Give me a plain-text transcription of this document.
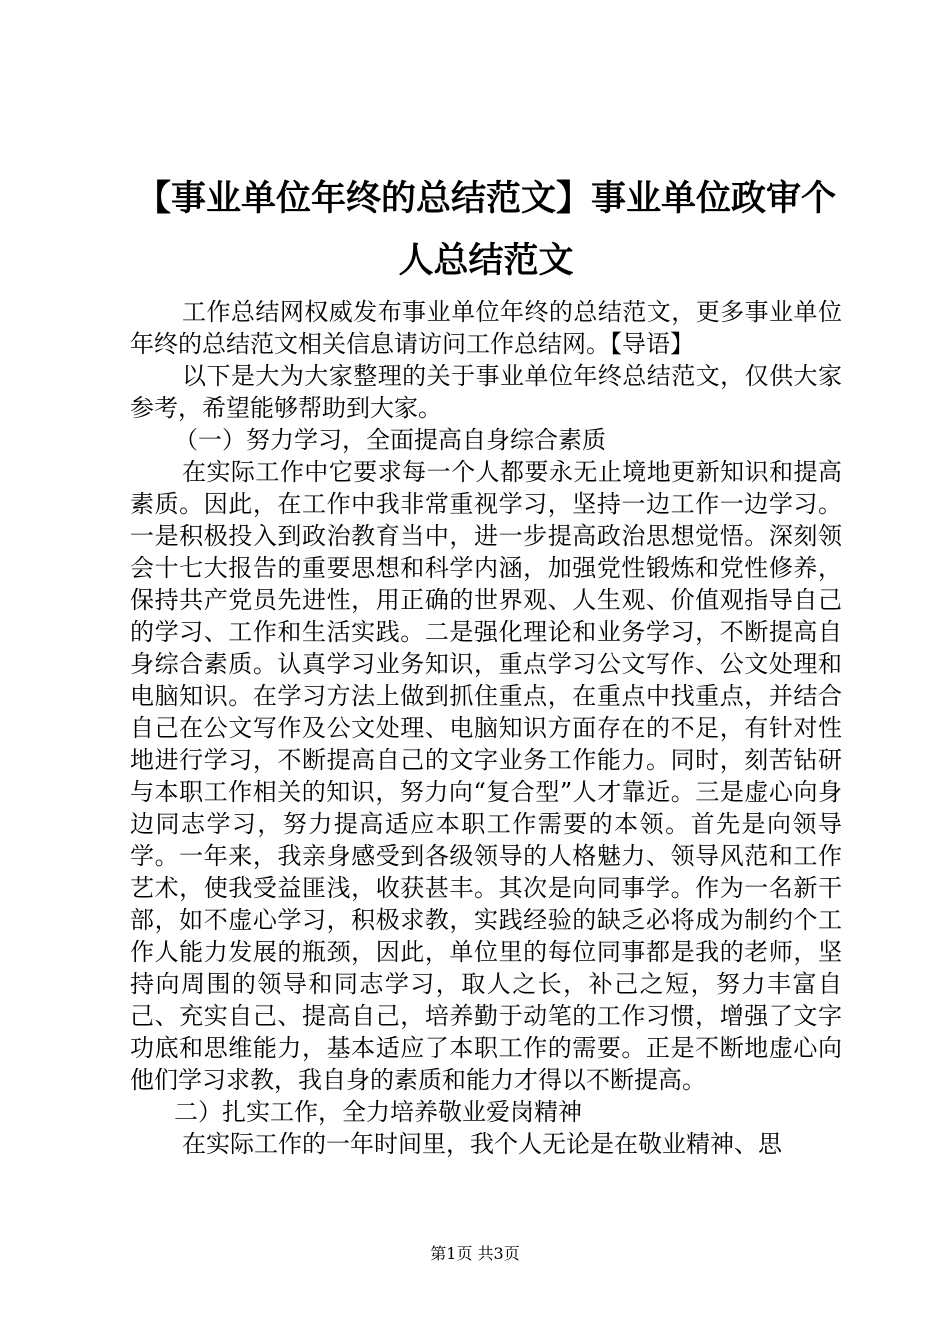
【事业单位年终的总结范文】事业单位政审个人总结范文

工作总结网权威发布事业单位年终的总结范文，更多事业单位年终的总结范文相关信息请访问工作总结网。【导语】

以下是大为大家整理的关于事业单位年终总结范文，仅供大家参考，希望能够帮助到大家。

（一）努力学习，全面提高自身综合素质

在实际工作中它要求每一个人都要永无止境地更新知识和提高素质。因此，在工作中我非常重视学习，坚持一边工作一边学习。一是积极投入到政治教育当中，进一步提高政治思想觉悟。深刻领会十七大报告的重要思想和科学内涵，加强党性锻炼和党性修养，保持共产党员先进性，用正确的世界观、人生观、价值观指导自己的学习、工作和生活实践。二是强化理论和业务学习，不断提高自身综合素质。认真学习业务知识，重点学习公文写作、公文处理和电脑知识。在学习方法上做到抓住重点，在重点中找重点，并结合自己在公文写作及公文处理、电脑知识方面存在的不足，有针对性地进行学习，不断提高自己的文字业务工作能力。同时，刻苦钻研与本职工作相关的知识，努力向“复合型”人才靠近。三是虚心向身边同志学习，努力提高适应本职工作需要的本领。首先是向领导学。一年来，我亲身感受到各级领导的人格魅力、领导风范和工作艺术，使我受益匪浅，收获甚丰。其次是向同事学。作为一名新干部，如不虚心学习，积极求教，实践经验的缺乏必将成为制约个工作人能力发展的瓶颈，因此，单位里的每位同事都是我的老师，坚持向周围的领导和同志学习，取人之长，补己之短，努力丰富自己、充实自己、提高自己，培养勤于动笔的工作习惯，增强了文字功底和思维能力，基本适应了本职工作的需要。正是不断地虚心向他们学习求教，我自身的素质和能力才得以不断提高。

二）扎实工作，全力培养敬业爱岗精神

在实际工作的一年时间里，我个人无论是在敬业精神、思

第1页 共3页
